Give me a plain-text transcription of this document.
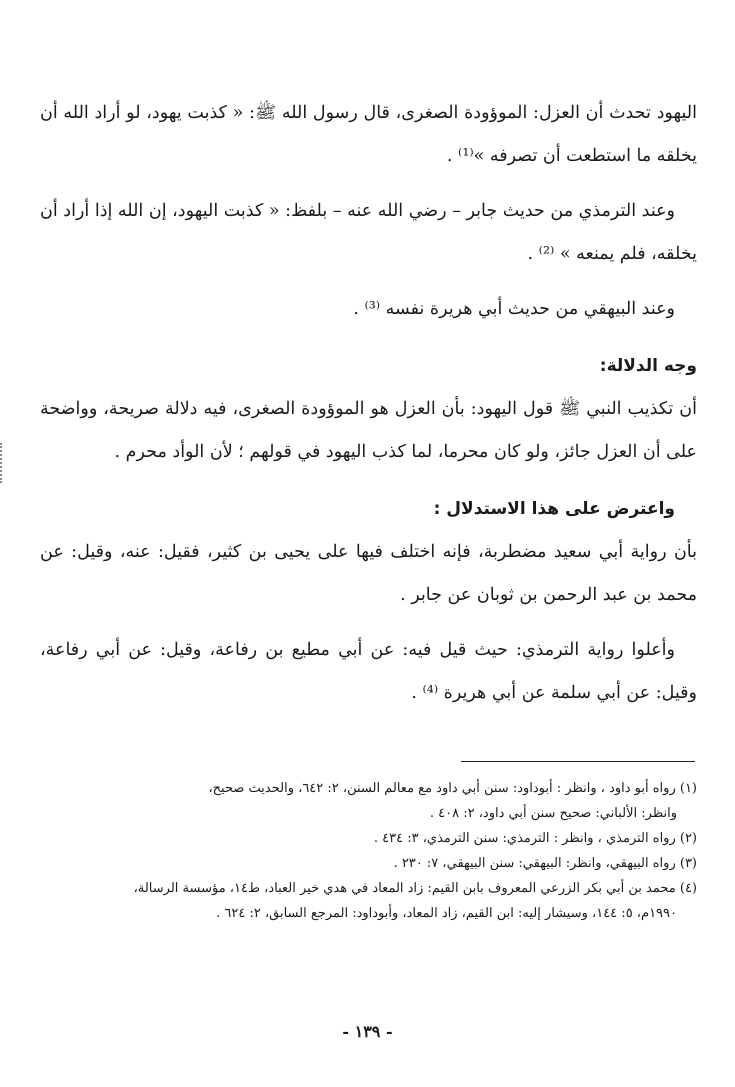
اليهود تحدث أن العزل: الموؤودة الصغرى، قال رسول الله ﷺ: « كذبت يهود، لو أراد الله أن يخلقه ما استطعت أن تصرفه »⁽¹⁾ .

وعند الترمذي من حديث جابر – رضي الله عنه – بلفظ: « كذبت اليهود، إن الله إذا أراد أن يخلقه، فلم يمنعه » ⁽²⁾ .

وعند البيهقي من حديث أبي هريرة نفسه ⁽³⁾ .

وجه الدلالة:

أن تكذيب النبي ﷺ قول اليهود: بأن العزل هو الموؤودة الصغرى، فيه دلالة صريحة، وواضحة على أن العزل جائز، ولو كان محرما، لما كذب اليهود في قولهم ؛ لأن الوأد محرم .

واعترض على هذا الاستدلال :

بأن رواية أبي سعيد مضطربة، فإنه اختلف فيها على يحيى بن كثير، فقيل: عنه، وقيل: عن محمد بن عبد الرحمن بن ثوبان عن جابر .

وأعلوا رواية الترمذي: حيث قيل فيه: عن أبي مطيع بن رفاعة، وقيل: عن أبي رفاعة، وقيل: عن أبي سلمة عن أبي هريرة ⁽⁴⁾ .

(١) رواه أبو داود ، وانظر : أبوداود: سنن أبي داود مع معالم السنن، ٢: ٦٤٢، والحديث صحيح،
وانظر: الألباني: صحيح سنن أبي داود، ٢: ٤٠٨ .

(٢) رواه الترمذي ، وانظر : الترمذي: سنن الترمذي، ٣: ٤٣٤ .

(٣) رواه البيهقي، وانظر: البيهقي: سنن البيهقي، ٧: ٢٣٠ .

(٤) محمد بن أبي بكر الزرعي المعروف بابن القيم: زاد المعاد في هدي خير العباد، ط١٤، مؤسسة الرسالة،
١٩٩٠م، ٥: ١٤٤، وسيشار إليه: ابن القيم، زاد المعاد، وأبوداود: المرجع السابق، ٢: ٦٢٤ .

- ١٣٩ -
